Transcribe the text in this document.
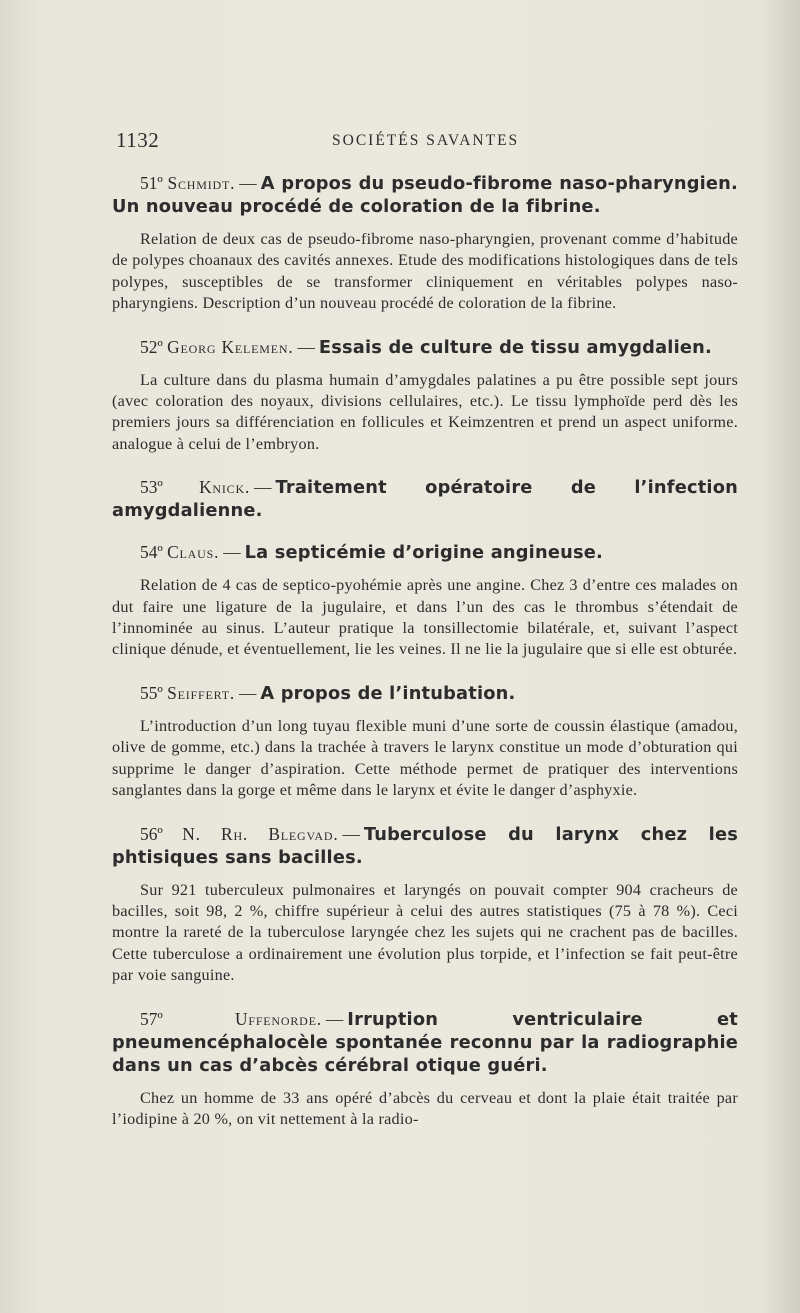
1132	SOCIÉTÉS SAVANTES

51º Schmidt. — A propos du pseudo-fibrome naso-pharyngien. Un nouveau procédé de coloration de la fibrine.

Relation de deux cas de pseudo-fibrome naso-pharyngien, provenant comme d’habitude de polypes choanaux des cavités annexes. Etude des modifications histologiques dans de tels polypes, susceptibles de se transformer cliniquement en véritables polypes naso-pharyngiens. Description d’un nouveau procédé de coloration de la fibrine.

52º Georg Kelemen. — Essais de culture de tissu amygdalien.

La culture dans du plasma humain d’amygdales palatines a pu être possible sept jours (avec coloration des noyaux, divisions cellulaires, etc.). Le tissu lymphoïde perd dès les premiers jours sa différenciation en follicules et Keimzentren et prend un aspect uniforme. analogue à celui de l’embryon.

53º Knick. — Traitement opératoire de l’infection amygdalienne.

54º Claus. — La septicémie d’origine angineuse.

Relation de 4 cas de septico-pyohémie après une angine. Chez 3 d’entre ces malades on dut faire une ligature de la jugulaire, et dans l’un des cas le thrombus s’étendait de l’innominée au sinus. L’auteur pratique la tonsillectomie bilatérale, et, suivant l’aspect clinique dénude, et éventuellement, lie les veines. Il ne lie la jugulaire que si elle est obturée.

55º Seiffert. — A propos de l’intubation.

L’introduction d’un long tuyau flexible muni d’une sorte de coussin élastique (amadou, olive de gomme, etc.) dans la trachée à travers le larynx constitue un mode d’obturation qui supprime le danger d’aspiration. Cette méthode permet de pratiquer des interventions sanglantes dans la gorge et même dans le larynx et évite le danger d’asphyxie.

56º N. Rh. Blegvad. — Tuberculose du larynx chez les phtisiques sans bacilles.

Sur 921 tuberculeux pulmonaires et laryngés on pouvait compter 904 cracheurs de bacilles, soit 98, 2 %, chiffre supérieur à celui des autres statistiques (75 à 78 %). Ceci montre la rareté de la tuberculose laryngée chez les sujets qui ne crachent pas de bacilles. Cette tuberculose a ordinairement une évolution plus torpide, et l’infection se fait peut-être par voie sanguine.

57º	Uffenorde. — Irruption ventriculaire et pneumencéphalocèle spontanée reconnu par la radiographie dans un cas d’abcès cérébral otique guéri.

Chez un homme de 33 ans opéré d’abcès du cerveau et dont la plaie était traitée par l’iodipine à 20 %, on vit nettement à la radio-
